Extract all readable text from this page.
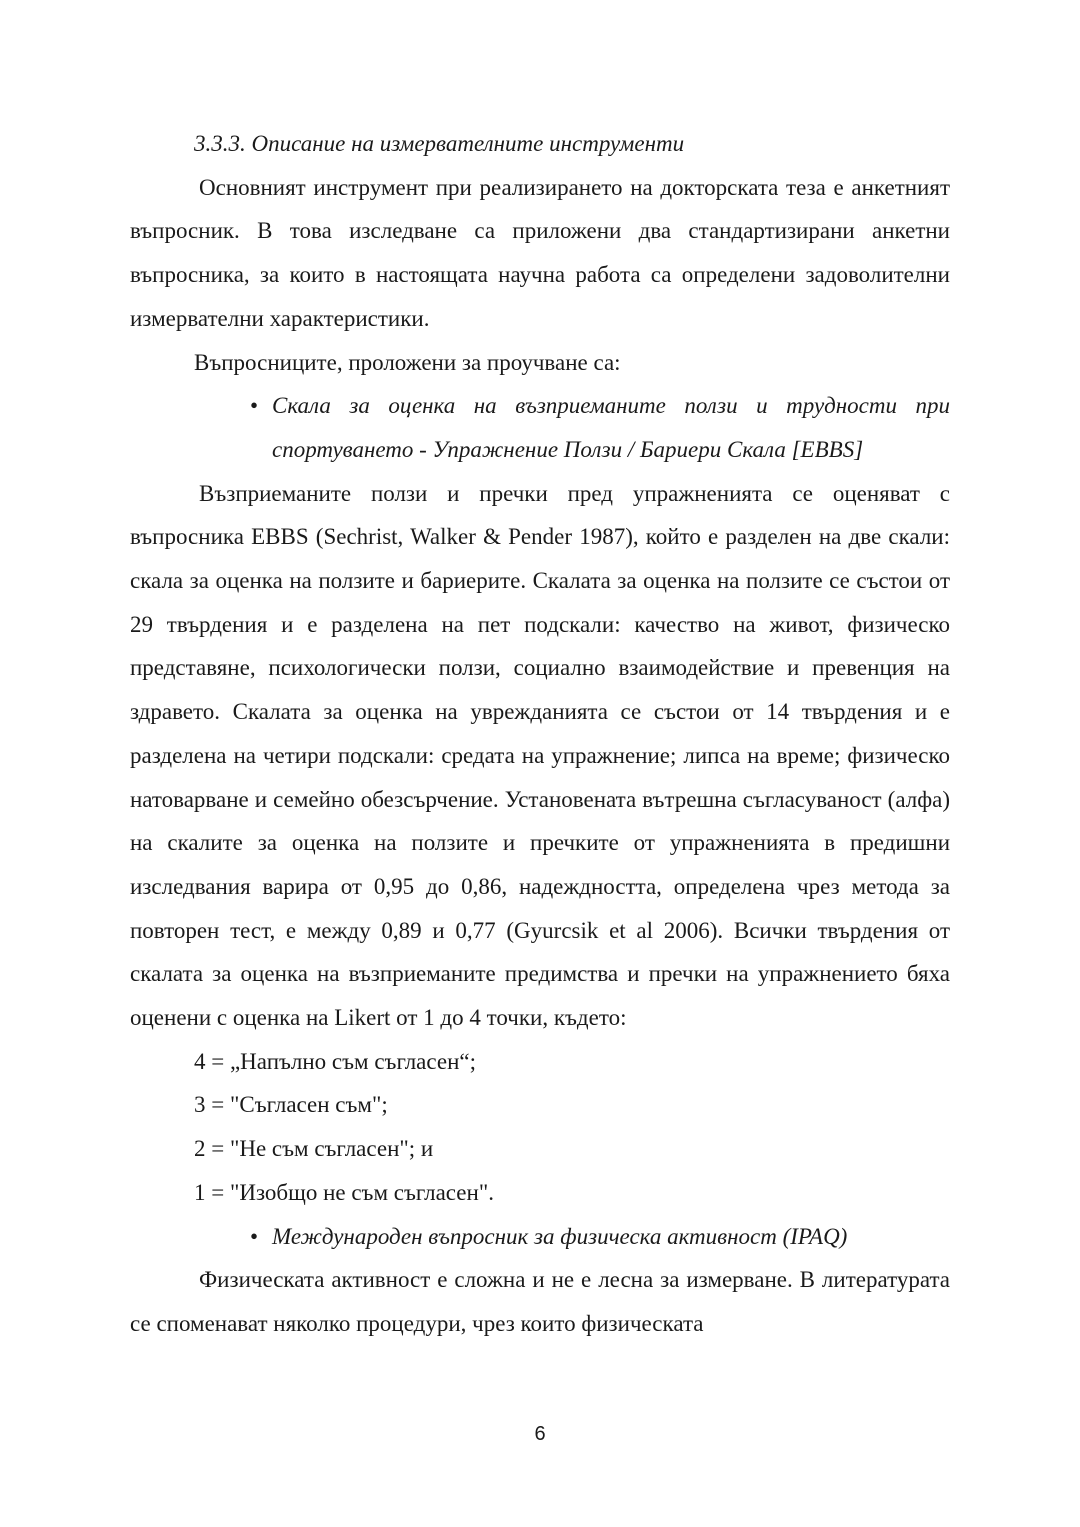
3.3.3. Описание на измервателните инструменти

Основният инструмент при реализирането на докторската теза е анкетният въпросник. В това изследване са приложени два стандартизирани анкетни въпросника, за които в настоящата научна работа са определени задоволителни измервателни характеристики.

Въпросниците, проложени за проучване са:

• Скала за оценка на възприеманите ползи и трудности при спортуването - Упражнение Ползи / Бариери Скала [EBBS]

Възприеманите ползи и пречки пред упражненията се оценяват с въпросника EBBS (Sechrist, Walker & Pender 1987), който е разделен на две скали: скала за оценка на ползите и бариерите. Скалата за оценка на ползите се състои от 29 твърдения и е разделена на пет подскали: качество на живот, физическо представяне, психологически ползи, социално взаимодействие и превенция на здравето. Скалата за оценка на уврежданията се състои от 14 твърдения и е разделена на четири подскали: средата на упражнение; липса на време; физическо натоварване и семейно обезсърчение. Установената вътрешна съгласуваност (алфа) на скалите за оценка на ползите и пречките от упражненията в предишни изследвания варира от 0,95 до 0,86, надеждността, определена чрез метода за повторен тест, е между 0,89 и 0,77 (Gyurcsik et al 2006). Всички твърдения от скалата за оценка на възприеманите предимства и пречки на упражнението бяха оценени с оценка на Likert от 1 до 4 точки, където:

4 = „Напълно съм съгласен“;

3 = "Съгласен съм";

2 = "Не съм съгласен"; и

1 = "Изобщо не съм съгласен".

• Международен въпросник за физическа активност (IPAQ)

Физическата активност е сложна и не е лесна за измерване. В литературата се споменават няколко процедури, чрез които физическата

6
